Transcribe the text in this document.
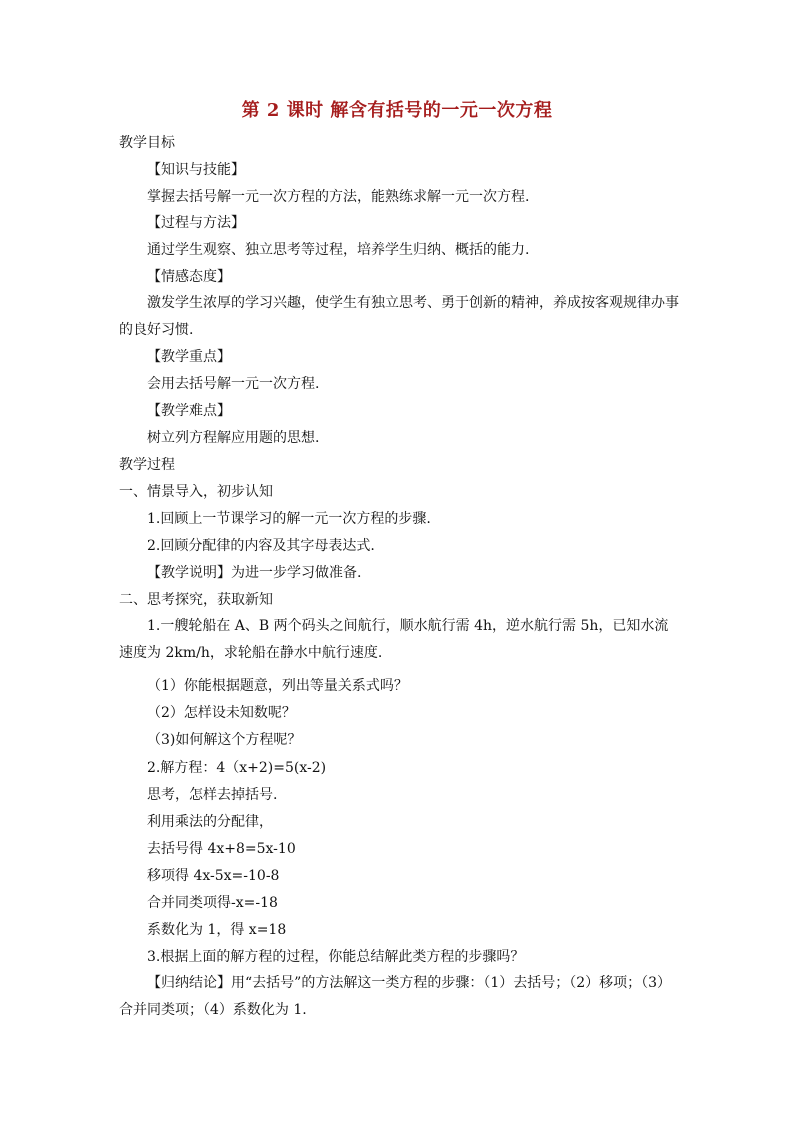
第 2 课时 解含有括号的一元一次方程
教学目标
【知识与技能】
掌握去括号解一元一次方程的方法，能熟练求解一元一次方程.
【过程与方法】
通过学生观察、独立思考等过程，培养学生归纳、概括的能力.
【情感态度】
激发学生浓厚的学习兴趣，使学生有独立思考、勇于创新的精神，养成按客观规律办事的良好习惯.
【教学重点】
会用去括号解一元一次方程.
【教学难点】
树立列方程解应用题的思想.
教学过程
一、情景导入，初步认知
1.回顾上一节课学习的解一元一次方程的步骤.
2.回顾分配律的内容及其字母表达式.
【教学说明】为进一步学习做准备.
二、思考探究，获取新知
1.一艘轮船在 A、B 两个码头之间航行，顺水航行需 4h，逆水航行需 5h，已知水流速度为 2km/h，求轮船在静水中航行速度.
（1）你能根据题意，列出等量关系式吗？
（2）怎样设未知数呢？
（3)如何解这个方程呢？
2.解方程：4（x+2)=5(x-2)
思考，怎样去掉括号.
利用乘法的分配律，
去括号得 4x+8=5x-10
移项得 4x-5x=-10-8
合并同类项得-x=-18
系数化为 1，得 x=18
3.根据上面的解方程的过程，你能总结解此类方程的步骤吗？
【归纳结论】用“去括号”的方法解这一类方程的步骤：（1）去括号；（2）移项；（3）合并同类项；（4）系数化为 1.
